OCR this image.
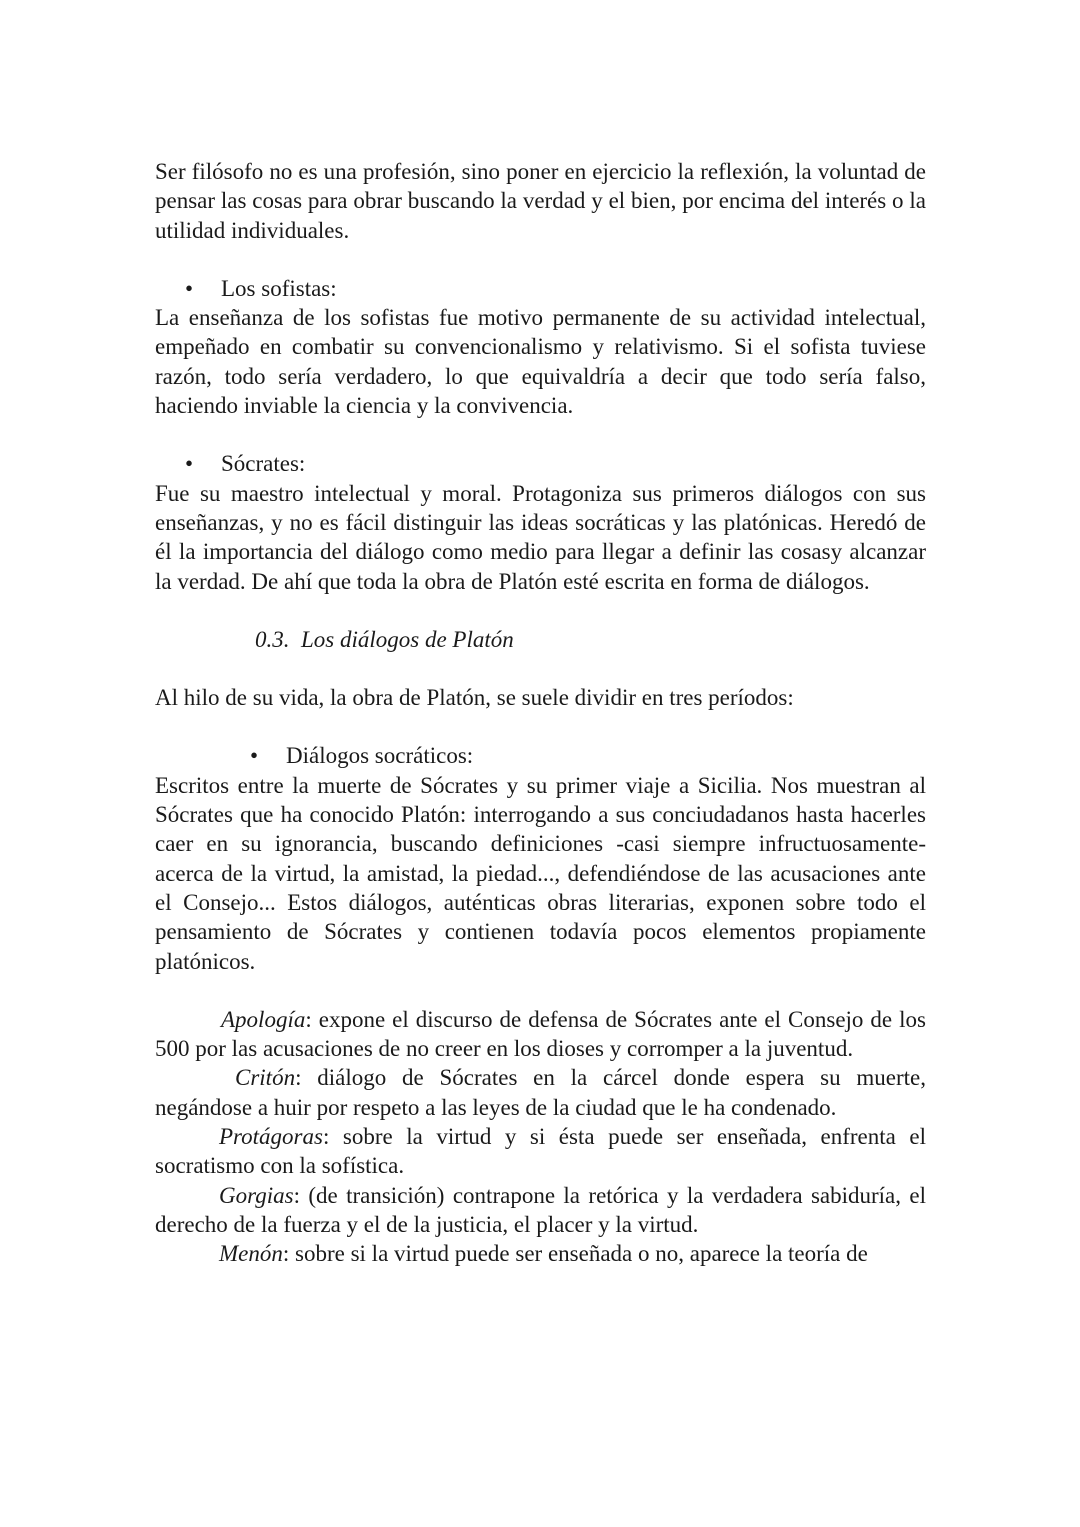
Ser filósofo no es una profesión, sino poner en ejercicio la reflexión, la voluntad de pensar las cosas para obrar buscando la verdad y el bien, por encima del interés o la utilidad individuales.

•	Los sofistas:

La enseñanza de los sofistas fue motivo permanente de su actividad intelectual, empeñado en combatir su convencionalismo y relativismo. Si el sofista tuviese razón, todo sería verdadero, lo que equivaldría a decir que todo sería falso, haciendo inviable la ciencia y la convivencia.

•	Sócrates:

Fue su maestro intelectual y moral. Protagoniza sus primeros diálogos con sus enseñanzas, y no es fácil distinguir las ideas socráticas y las platónicas. Heredó de él la importancia del diálogo como medio para llegar a definir las cosasy alcanzar la verdad. De ahí que toda la obra de Platón esté escrita en forma de diálogos.

0.3. Los diálogos de Platón

Al hilo de su vida, la obra de Platón, se suele dividir en tres períodos:

•	Diálogos socráticos:

Escritos entre la muerte de Sócrates y su primer viaje a Sicilia. Nos muestran al Sócrates que ha conocido Platón: interrogando a sus conciudadanos hasta hacerles caer en su ignorancia, buscando definiciones -casi siempre infructuosamente- acerca de la virtud, la amistad, la piedad..., defendiéndose de las acusaciones ante el Consejo... Estos diálogos, auténticas obras literarias, exponen sobre todo el pensamiento de Sócrates y contienen todavía pocos elementos propiamente platónicos.

Apología: expone el discurso de defensa de Sócrates ante el Consejo de los 500 por las acusaciones de no creer en los dioses y corromper a la juventud.

Critón: diálogo de Sócrates en la cárcel donde espera su muerte, negándose a huir por respeto a las leyes de la ciudad que le ha condenado.

Protágoras: sobre la virtud y si ésta puede ser enseñada, enfrenta el socratismo con la sofística.

Gorgias: (de transición) contrapone la retórica y la verdadera sabiduría, el derecho de la fuerza y el de la justicia, el placer y la virtud.

Menón: sobre si la virtud puede ser enseñada o no, aparece la teoría de
